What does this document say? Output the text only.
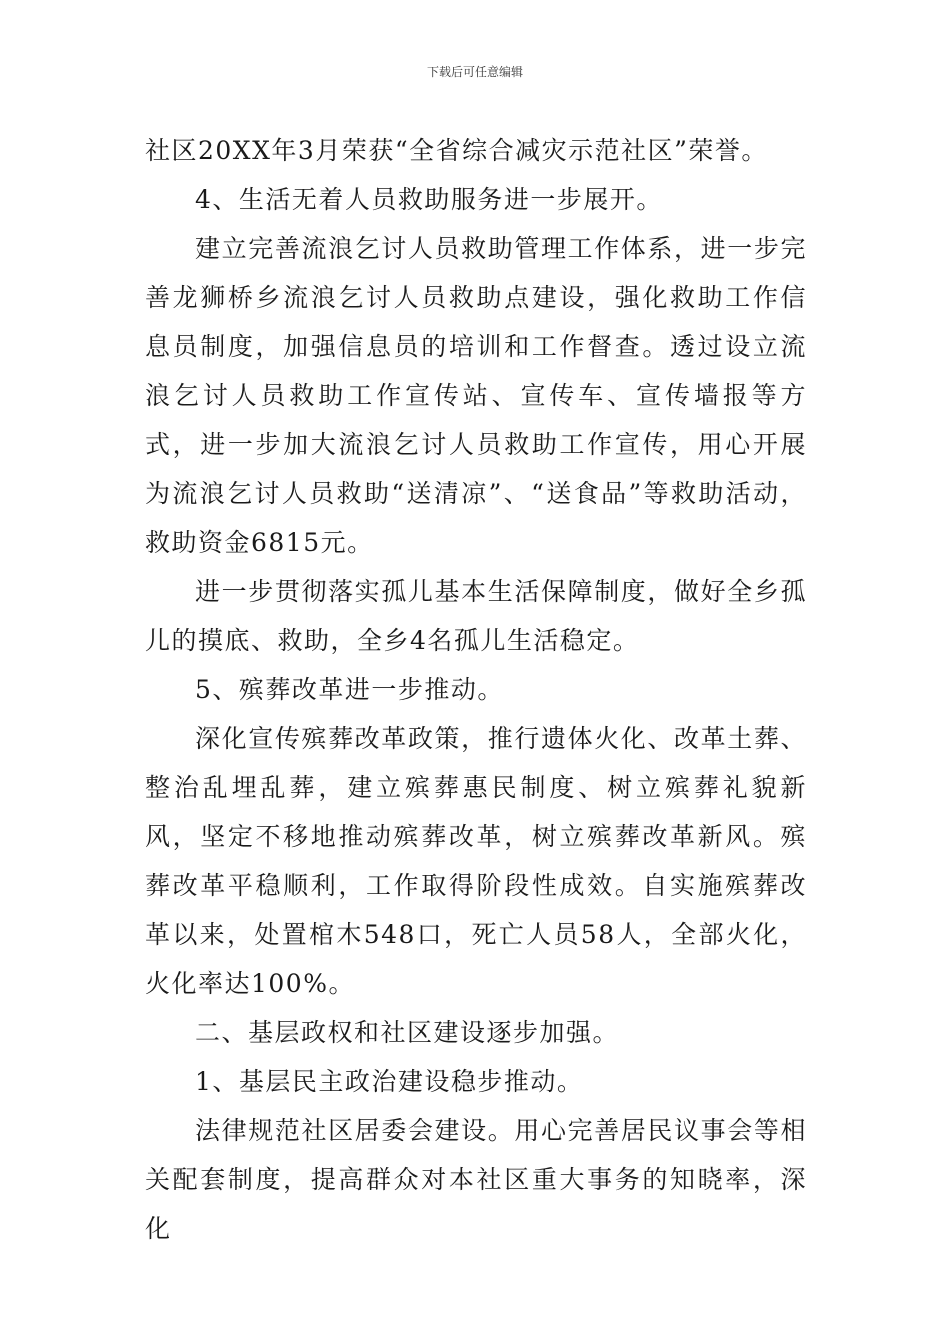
下载后可任意编辑

社区20XX年3月荣获“全省综合减灾示范社区”荣誉。

4、生活无着人员救助服务进一步展开。

建立完善流浪乞讨人员救助管理工作体系，进一步完善龙狮桥乡流浪乞讨人员救助点建设，强化救助工作信息员制度，加强信息员的培训和工作督查。透过设立流浪乞讨人员救助工作宣传站、宣传车、宣传墙报等方式，进一步加大流浪乞讨人员救助工作宣传，用心开展为流浪乞讨人员救助“送清凉”、“送食品”等救助活动，救助资金6815元。

进一步贯彻落实孤儿基本生活保障制度，做好全乡孤儿的摸底、救助，全乡4名孤儿生活稳定。

5、殡葬改革进一步推动。

深化宣传殡葬改革政策，推行遗体火化、改革土葬、整治乱埋乱葬，建立殡葬惠民制度、树立殡葬礼貌新风，坚定不移地推动殡葬改革，树立殡葬改革新风。殡葬改革平稳顺利，工作取得阶段性成效。自实施殡葬改革以来，处置棺木548口，死亡人员58人，全部火化，火化率达100%。

二、基层政权和社区建设逐步加强。

1、基层民主政治建设稳步推动。

法律规范社区居委会建设。用心完善居民议事会等相关配套制度，提高群众对本社区重大事务的知晓率，深化
